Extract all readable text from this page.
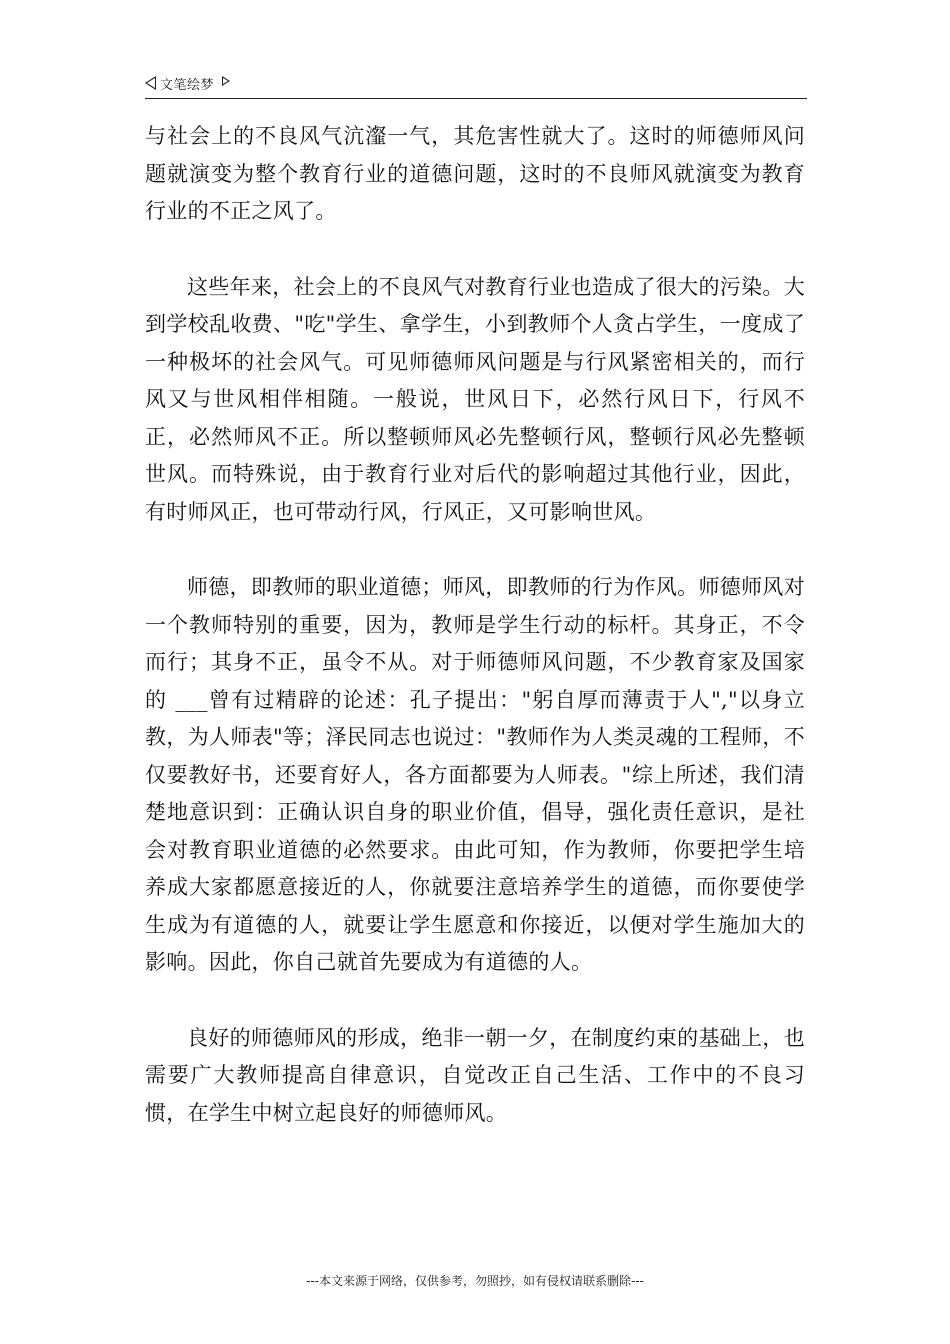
文笔绘梦

与社会上的不良风气沆瀣一气，其危害性就大了。这时的师德师风问题就演变为整个教育行业的道德问题，这时的不良师风就演变为教育行业的不正之风了。

这些年来，社会上的不良风气对教育行业也造成了很大的污染。大到学校乱收费、"吃"学生、拿学生，小到教师个人贪占学生，一度成了一种极坏的社会风气。可见师德师风问题是与行风紧密相关的，而行风又与世风相伴相随。一般说，世风日下，必然行风日下，行风不正，必然师风不正。所以整顿师风必先整顿行风，整顿行风必先整顿世风。而特殊说，由于教育行业对后代的影响超过其他行业，因此，有时师风正，也可带动行风，行风正，又可影响世风。

师德，即教师的职业道德；师风，即教师的行为作风。师德师风对一个教师特别的重要，因为，教师是学生行动的标杆。其身正，不令而行；其身不正，虽令不从。对于师德师风问题，不少教育家及国家的 ___曾有过精辟的论述：孔子提出："躬自厚而薄责于人","以身立教，为人师表"等；泽民同志也说过："教师作为人类灵魂的工程师，不仅要教好书，还要育好人，各方面都要为人师表。"综上所述，我们清楚地意识到：正确认识自身的职业价值，倡导，强化责任意识，是社会对教育职业道德的必然要求。由此可知，作为教师，你要把学生培养成大家都愿意接近的人，你就要注意培养学生的道德，而你要使学生成为有道德的人，就要让学生愿意和你接近，以便对学生施加大的影响。因此，你自己就首先要成为有道德的人。

良好的师德师风的形成，绝非一朝一夕，在制度约束的基础上，也需要广大教师提高自律意识，自觉改正自己生活、工作中的不良习惯，在学生中树立起良好的师德师风。

---本文来源于网络，仅供参考，勿照抄，如有侵权请联系删除---
